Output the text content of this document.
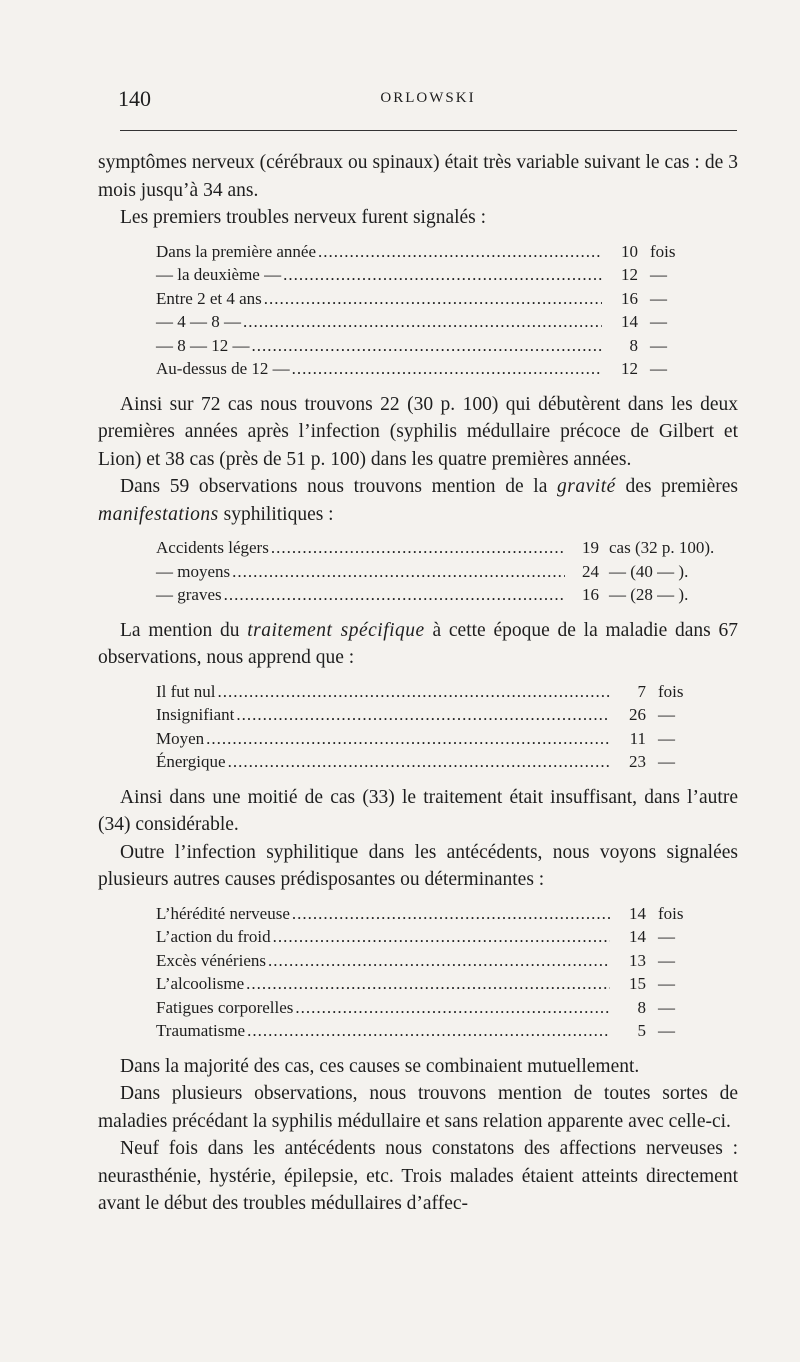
140	ORLOWSKI

symptômes nerveux (cérébraux ou spinaux) était très variable suivant le cas : de 3 mois jusqu’à 34 ans.

Les premiers troubles nerveux furent signalés :

Dans la première année .....	10 fois
— la deuxième — .....	12 —
Entre 2 et 4 ans .....	16 —
— 4 — 8 — .....	14 —
— 8 — 12 — .....	8 —
Au-dessus de 12 — .....	12 —

Ainsi sur 72 cas nous trouvons 22 (30 p. 100) qui débutèrent dans les deux premières années après l’infection (syphilis médullaire précoce de Gilbert et Lion) et 38 cas (près de 51 p. 100) dans les quatre premières années.

Dans 59 observations nous trouvons mention de la gravité des premières manifestations syphilitiques :

Accidents légers .....	19 cas (32 p. 100).
— moyens .....	24 — (40 — ).
— graves .....	16 — (28 — ).

La mention du traitement spécifique à cette époque de la maladie dans 67 observations, nous apprend que :

Il fut nul .....	7 fois
Insignifiant .....	26 —
Moyen .....	11 —
Énergique .....	23 —

Ainsi dans une moitié de cas (33) le traitement était insuffisant, dans l’autre (34) considérable.

Outre l’infection syphilitique dans les antécédents, nous voyons signalées plusieurs autres causes prédisposantes ou déterminantes :

L’hérédité nerveuse .....	14 fois
L’action du froid .....	14 —
Excès vénériens .....	13 —
L’alcoolisme .....	15 —
Fatigues corporelles .....	8 —
Traumatisme .....	5 —

Dans la majorité des cas, ces causes se combinaient mutuellement.

Dans plusieurs observations, nous trouvons mention de toutes sortes de maladies précédant la syphilis médullaire et sans relation apparente avec celle-ci.

Neuf fois dans les antécédents nous constatons des affections nerveuses : neurasthénie, hystérie, épilepsie, etc. Trois malades étaient atteints directement avant le début des troubles médullaires d’affec-
